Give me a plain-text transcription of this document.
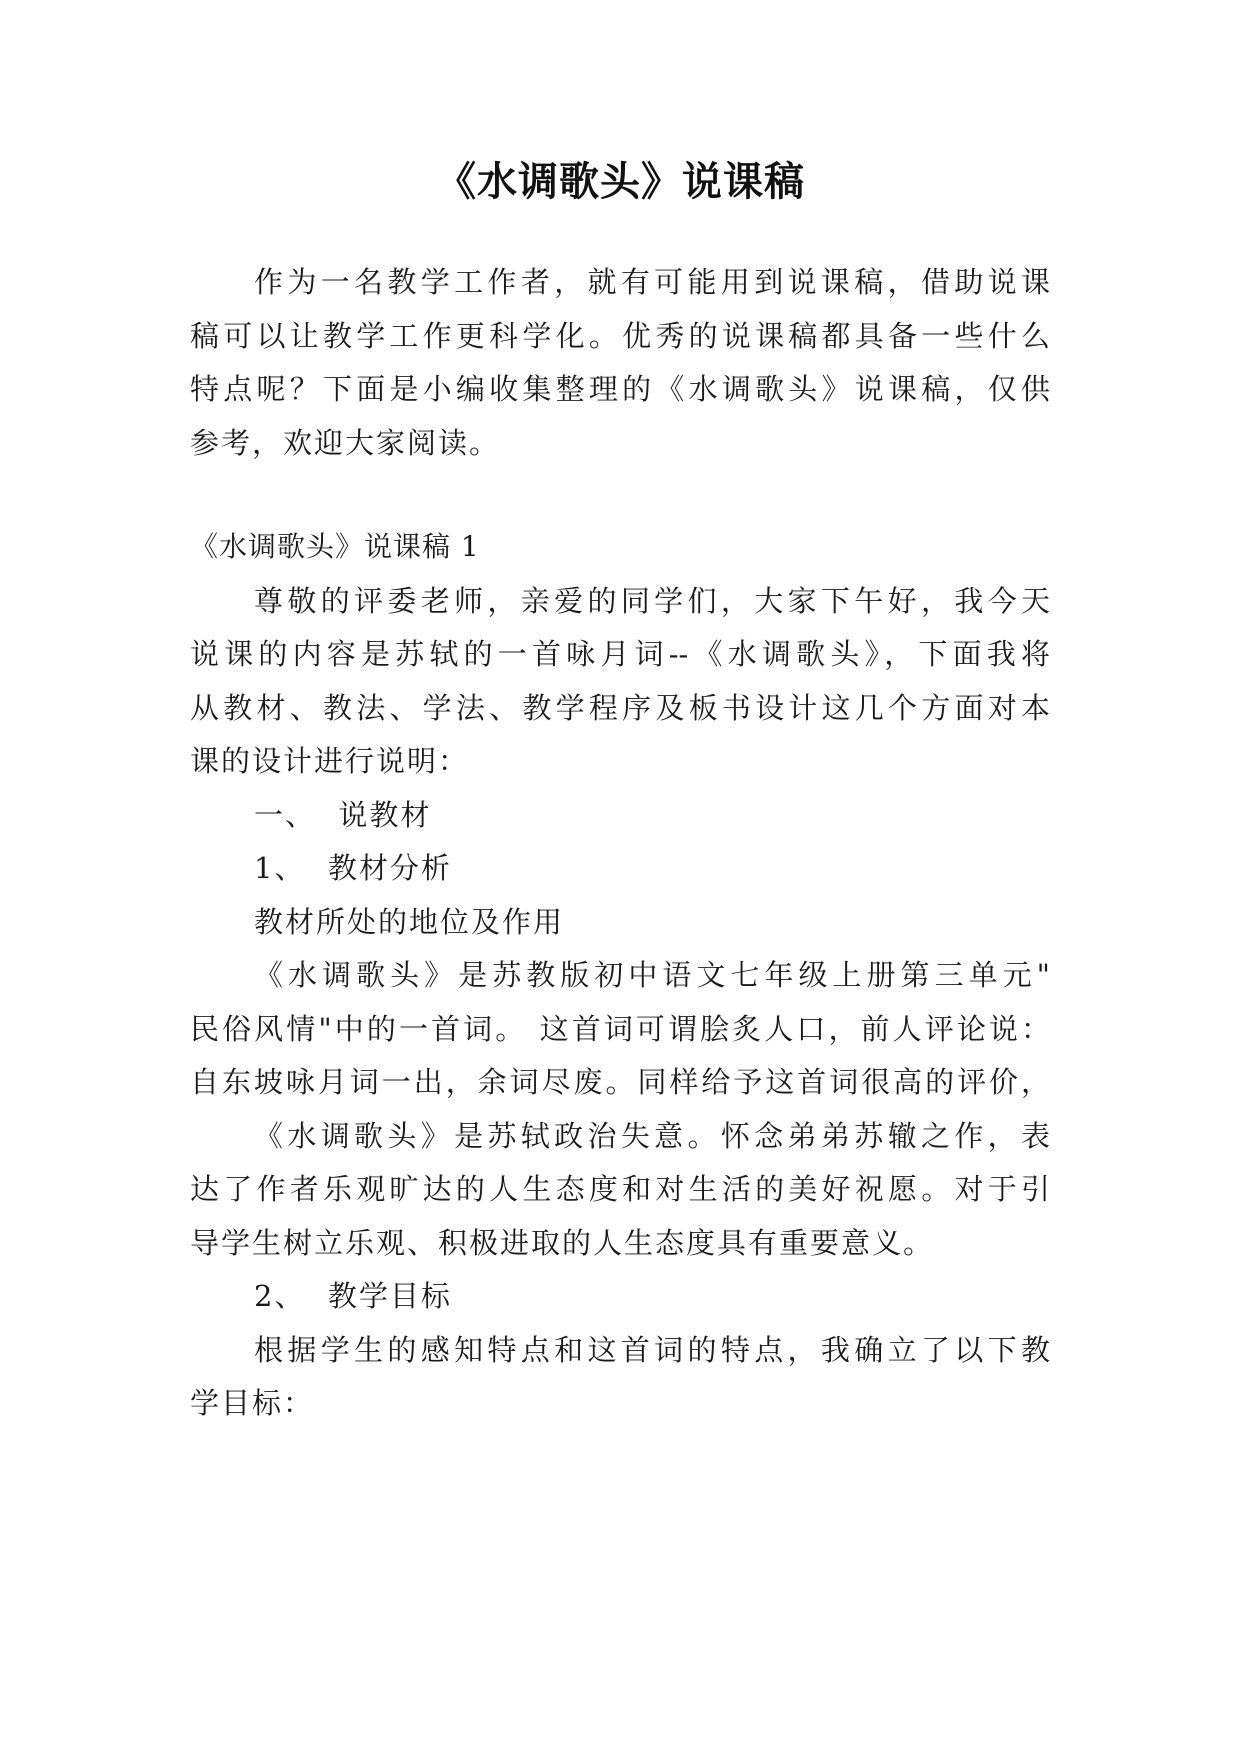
《水调歌头》说课稿

作为一名教学工作者，就有可能用到说课稿，借助说课

稿可以让教学工作更科学化。优秀的说课稿都具备一些什么

特点呢？下面是小编收集整理的《水调歌头》说课稿，仅供

参考，欢迎大家阅读。

《水调歌头》说课稿 1

尊敬的评委老师，亲爱的同学们，大家下午好，我今天

说课的内容是苏轼的一首咏月词--《水调歌头》，下面我将

从教材、教法、学法、教学程序及板书设计这几个方面对本

课的设计进行说明：

一、  说教材

1、  教材分析

教材所处的地位及作用

《水调歌头》是苏教版初中语文七年级上册第三单元"

民俗风情"中的一首词。 这首词可谓脍炙人口，前人评论说：

自东坡咏月词一出，余词尽废。同样给予这首词很高的评价，

《水调歌头》是苏轼政治失意。怀念弟弟苏辙之作，表

达了作者乐观旷达的人生态度和对生活的美好祝愿。对于引

导学生树立乐观、积极进取的人生态度具有重要意义。

2、  教学目标

根据学生的感知特点和这首词的特点，我确立了以下教

学目标：
